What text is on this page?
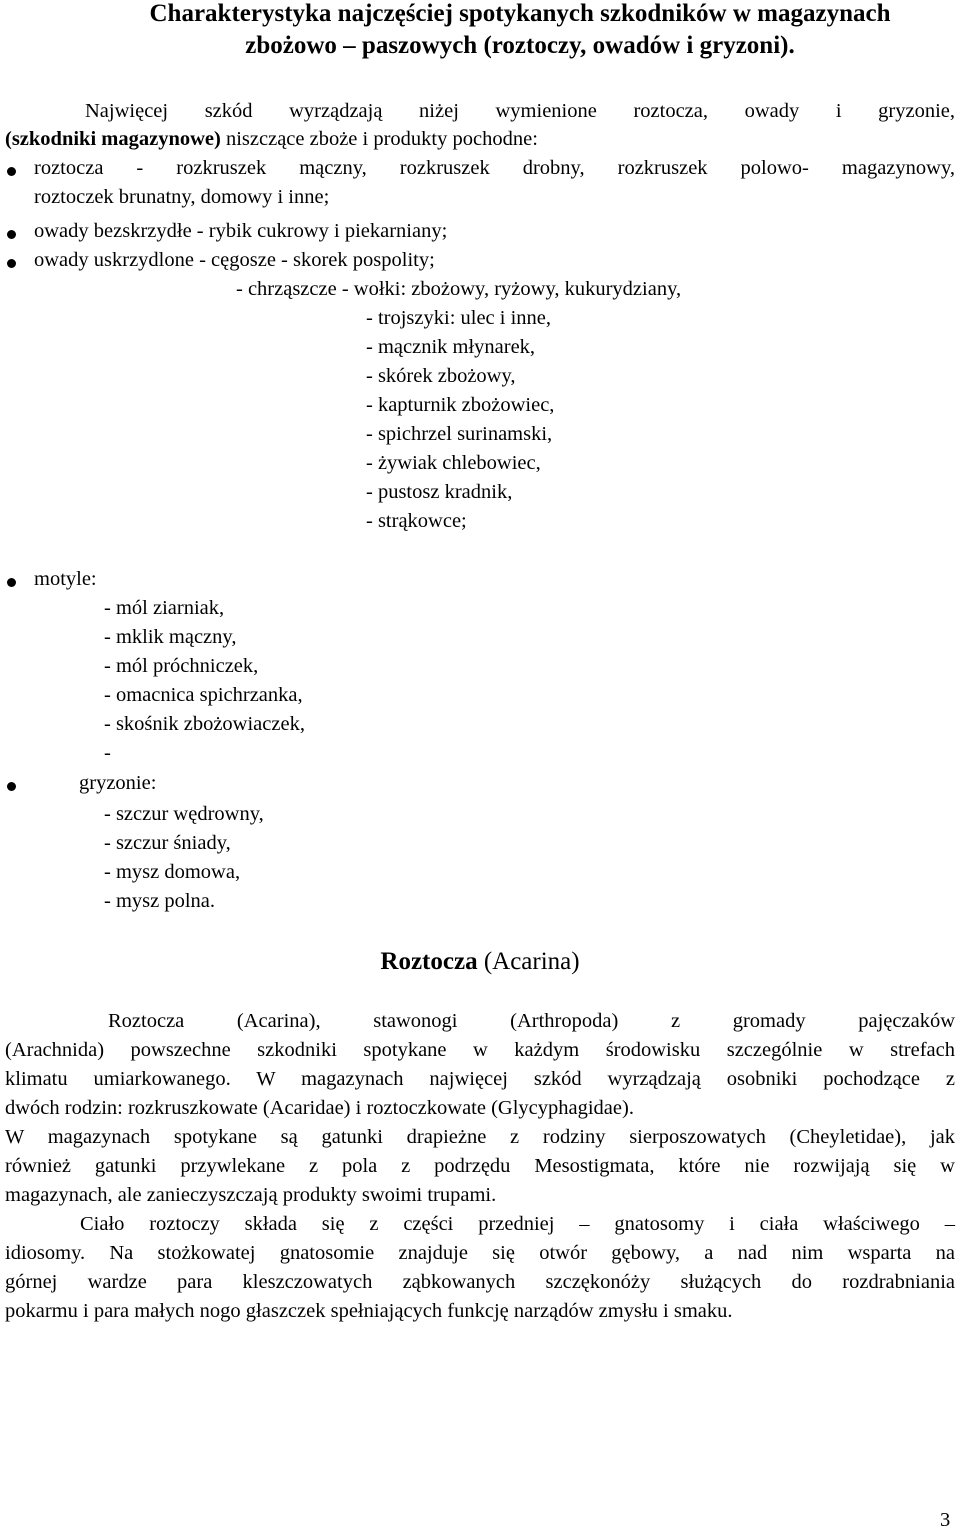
Charakterystyka najczęściej spotykanych szkodników w magazynach
zbożowo – paszowych (roztoczy, owadów i gryzoni).
Najwięcej szkód wyrządzają niżej wymienione roztocza, owady i gryzonie,
(szkodniki magazynowe) niszczące zboże i produkty pochodne:
roztocza - rozkruszek mączny, rozkruszek drobny, rozkruszek polowo- magazynowy,
roztoczek brunatny, domowy i inne;
owady bezskrzydłe - rybik cukrowy i piekarniany;
owady uskrzydlone - cęgosze - skorek pospolity;
- chrząszcze - wołki: zbożowy, ryżowy, kukurydziany,
- trojszyki: ulec i inne,
- mącznik młynarek,
- skórek zbożowy,
- kapturnik zbożowiec,
- spichrzel surinamski,
- żywiak chlebowiec,
- pustosz kradnik,
- strąkowce;
motyle:
- mól ziarniak,
- mklik mączny,
- mól próchniczek,
- omacnica spichrzanka,
- skośnik zbożowiaczek,
-
gryzonie:
- szczur wędrowny,
- szczur śniady,
- mysz domowa,
- mysz polna.
Roztocza (Acarina)
Roztocza (Acarina), stawonogi (Arthropoda) z gromady pajęczaków
(Arachnida) powszechne szkodniki spotykane w każdym środowisku szczególnie w strefach
klimatu umiarkowanego. W magazynach najwięcej szkód wyrządzają osobniki pochodzące z
dwóch rodzin: rozkruszkowate (Acaridae) i roztoczkowate (Glycyphagidae).
W magazynach spotykane są gatunki drapieżne z rodziny sierposzowatych (Cheyletidae), jak
również gatunki przywlekane z pola z podrzędu Mesostigmata, które nie rozwijają się w
magazynach, ale zanieczyszczają produkty swoimi trupami.
Ciało roztoczy składa się z części przedniej – gnatosomy i ciała właściwego –
idiosomy. Na stożkowatej gnatosomie znajduje się otwór gębowy, a nad nim wsparta na
górnej wardze para kleszczowatych ząbkowanych szczękonóży służących do rozdrabniania
pokarmu i para małych nogo głaszczek spełniających funkcję narządów zmysłu i smaku.
3
